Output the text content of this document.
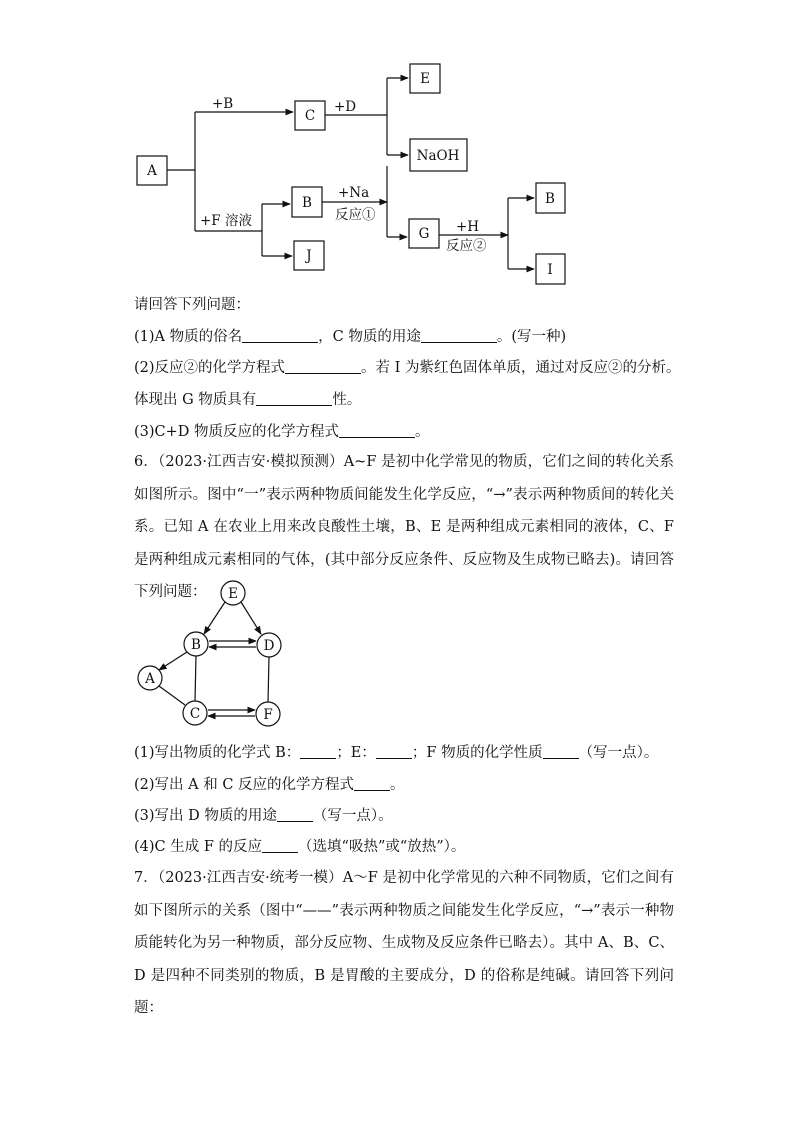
A
C
E
NaOH
B
J
G
B
I
+B	+D
+F 溶液
+Na
反应①
+H
反应②
请回答下列问题：
(1)A 物质的俗名	，C 物质的用途	。(写一种)
(2)反应②的化学方程式	。若 I 为紫红色固体单质，通过对反应②的分析。
体现出 G 物质具有	性。
(3)C+D 物质反应的化学方程式	。
6．（2023·江西吉安·模拟预测）A~F 是初中化学常见的物质，它们之间的转化关系如图所示。图中“一”表示两种物质间能发生化学反应，“→”表示两种物质间的转化关系。已知 A 在农业上用来改良酸性土壤，B、E 是两种组成元素相同的液体，C、F 是两种组成元素相同的气体，(其中部分反应条件、反应物及生成物已略去)。请回答下列问题：	E
B	D
A
C	F
(1)写出物质的化学式 B： ；E： ；F 物质的化学性质 （写一点）。
(2)写出 A 和 C 反应的化学方程式 。
(3)写出 D 物质的用途 （写一点）。
(4)C 生成 F 的反应 （选填“吸热”或“放热”）。
7．（2023·江西吉安·统考一模）A～F 是初中化学常见的六种不同物质，它们之间有如下图所示的关系（图中“——”表示两种物质之间能发生化学反应，“→”表示一种物质能转化为另一种物质，部分反应物、生成物及反应条件已略去）。其中 A、B、C、D 是四种不同类别的物质，B 是胃酸的主要成分，D 的俗称是纯碱。请回答下列问题：
